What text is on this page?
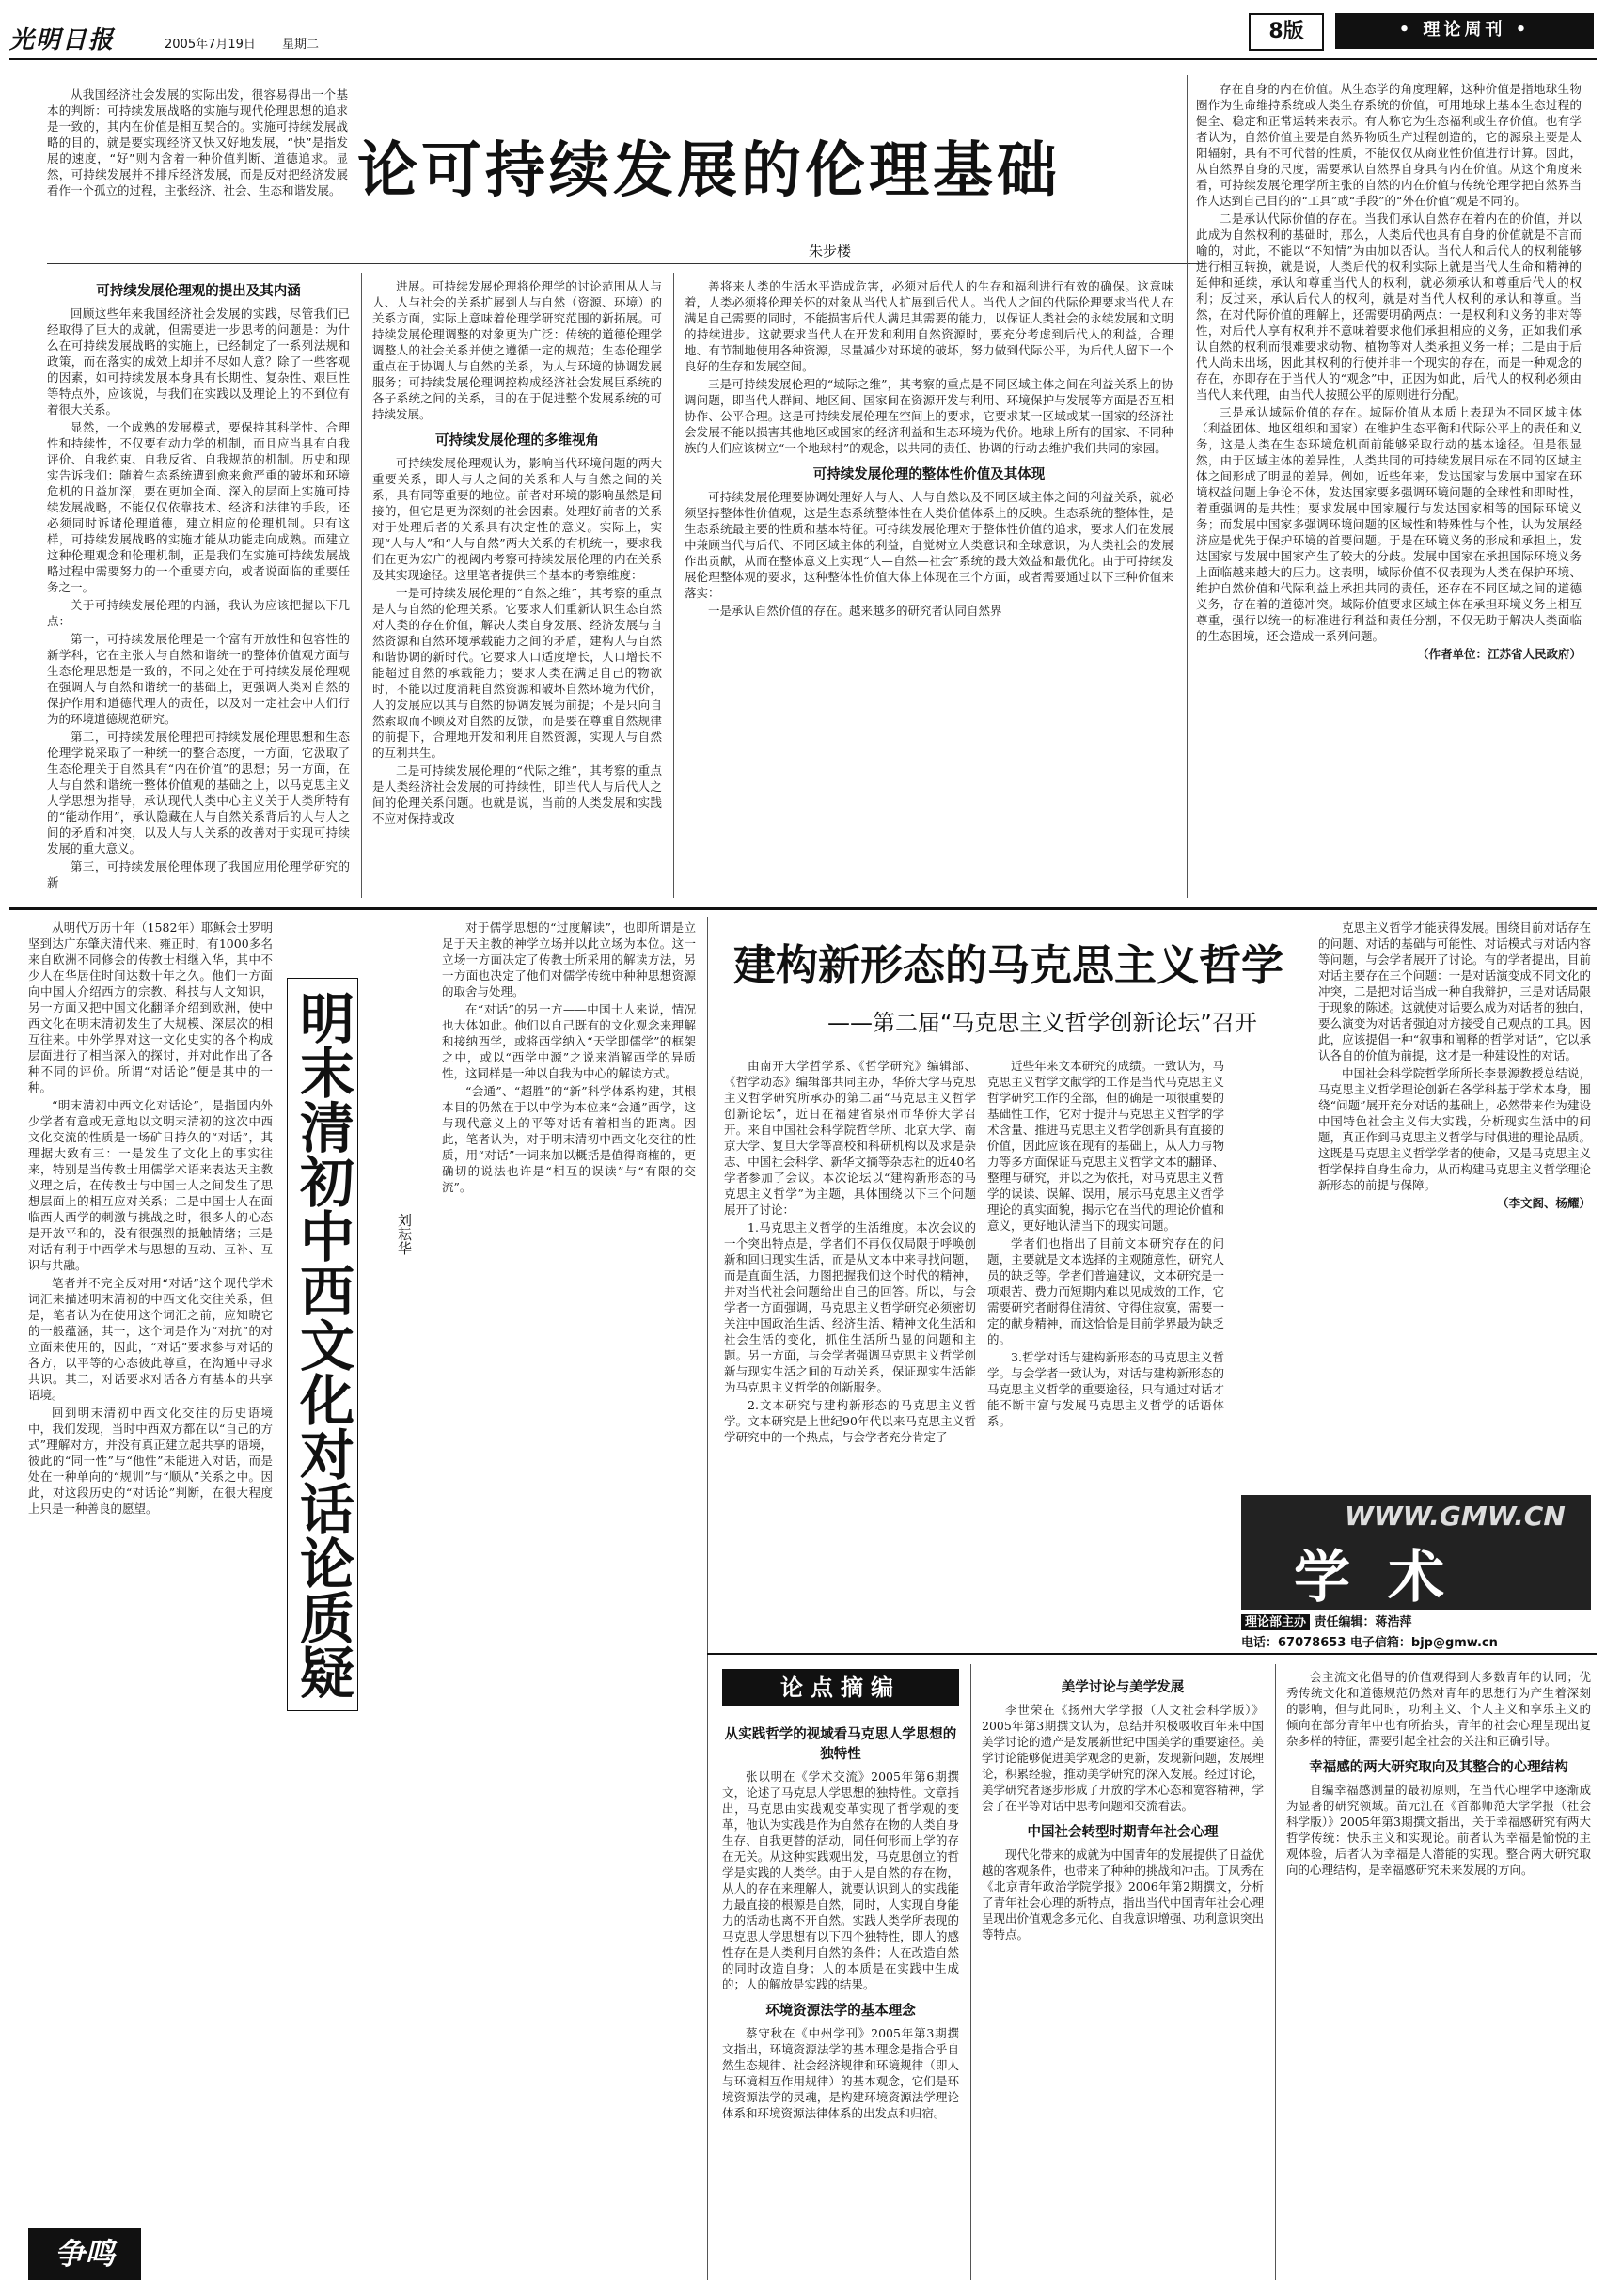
光明日报	2005年7月19日 星期二
8版	• 理论周刊 •
论可持续发展的伦理基础
朱步楼

从我国经济社会发展的实际出发，很容易得出一个基本的判断：可持续发展战略的实施与现代伦理思想的追求是一致的，其内在价值是相互契合的。实施可持续发展战略的目的，就是要实现经济又快又好地发展，“快”是指发展的速度，“好”则内含着一种价值判断、道德追求。显然，可持续发展并不排斥经济发展，而是反对把经济发展看作一个孤立的过程，主张经济、社会、生态和谐发展。

可持续发展伦理观的提出及其内涵

回顾这些年来我国经济社会发展的实践，尽管我们已经取得了巨大的成就，但需要进一步思考的问题是：为什么在可持续发展战略的实施上，已经制定了一系列法规和政策，而在落实的成效上却并不尽如人意？除了一些客观的因素，如可持续发展本身具有长期性、复杂性、艰巨性等特点外，应该说，与我们在实践以及理论上的不到位有着很大关系。

显然，一个成熟的发展模式，要保持其科学性、合理性和持续性，不仅要有动力学的机制，而且应当具有自我评价、自我约束、自我反省、自我规范的机制。历史和现实告诉我们：随着生态系统遭到愈来愈严重的破坏和环境危机的日益加深，要在更加全面、深入的层面上实施可持续发展战略，不能仅仅依靠技术、经济和法律的手段，还必须同时诉诸伦理道德，建立相应的伦理机制。只有这样，可持续发展战略的实施才能从功能走向成熟。而建立这种伦理观念和伦理机制，正是我们在实施可持续发展战略过程中需要努力的一个重要方向，或者说面临的重要任务之一。

关于可持续发展伦理的内涵，我认为应该把握以下几点：

第一，可持续发展伦理是一个富有开放性和包容性的新学科，它在主张人与自然和谐统一的整体价值观方面与生态伦理思想是一致的，不同之处在于可持续发展伦理观在强调人与自然和谐统一的基础上，更强调人类对自然的保护作用和道德代理人的责任，以及对一定社会中人们行为的环境道德规范研究。

第二，可持续发展伦理把可持续发展伦理思想和生态伦理学说采取了一种统一的整合态度，一方面，它汲取了生态伦理关于自然具有“内在价值”的思想；另一方面，在人与自然和谐统一整体价值观的基础之上，以马克思主义人学思想为指导，承认现代人类中心主义关于人类所特有的“能动作用”，承认隐藏在人与自然关系背后的人与人之间的矛盾和冲突，以及人与人关系的改善对于实现可持续发展的重大意义。

第三，可持续发展伦理体现了我国应用伦理学研究的新

进展。可持续发展伦理将伦理学的讨论范围从人与人、人与社会的关系扩展到人与自然（资源、环境）的关系方面，实际上意味着伦理学研究范围的新拓展。可持续发展伦理调整的对象更为广泛：传统的道德伦理学调整人的社会关系并使之遵循一定的规范；生态伦理学重点在于协调人与自然的关系，为人与环境的协调发展服务；可持续发展伦理调控构成经济社会发展巨系统的各子系统之间的关系，目的在于促进整个发展系统的可持续发展。

可持续发展伦理的多维视角

可持续发展伦理观认为，影响当代环境问题的两大重要关系，即人与人之间的关系和人与自然之间的关系，具有同等重要的地位。前者对环境的影响虽然是间接的，但它是更为深刻的社会因素。处理好前者的关系对于处理后者的关系具有决定性的意义。实际上，实现“人与人”和“人与自然”两大关系的有机统一，要求我们在更为宏广的视阈内考察可持续发展伦理的内在关系及其实现途径。这里笔者提供三个基本的考察维度：

一是可持续发展伦理的“自然之维”，其考察的重点是人与自然的伦理关系。它要求人们重新认识生态自然对人类的存在价值，解决人类自身发展、经济发展与自然资源和自然环境承载能力之间的矛盾，建构人与自然和谐协调的新时代。它要求人口适度增长，人口增长不能超过自然的承载能力；要求人类在满足自己的物欲时，不能以过度消耗自然资源和破坏自然环境为代价，人的发展应以其与自然的协调发展为前提；不是只向自然索取而不顾及对自然的反馈，而是要在尊重自然规律的前提下，合理地开发和利用自然资源，实现人与自然的互利共生。

二是可持续发展伦理的“代际之维”，其考察的重点是人类经济社会发展的可持续性，即当代人与后代人之间的伦理关系问题。也就是说，当前的人类发展和实践不应对保持或改

善将来人类的生活水平造成危害，必须对后代人的生存和福利进行有效的确保。这意味着，人类必须将伦理关怀的对象从当代人扩展到后代人。当代人之间的代际伦理要求当代人在满足自己需要的同时，不能损害后代人满足其需要的能力，以保证人类社会的永续发展和文明的持续进步。这就要求当代人在开发和利用自然资源时，要充分考虑到后代人的利益，合理地、有节制地使用各种资源，尽量减少对环境的破坏，努力做到代际公平，为后代人留下一个良好的生存和发展空间。

三是可持续发展伦理的“域际之维”，其考察的重点是不同区域主体之间在利益关系上的协调问题，即当代人群间、地区间、国家间在资源开发与利用、环境保护与发展等方面是否互相协作、公平合理。这是可持续发展伦理在空间上的要求，它要求某一区域或某一国家的经济社会发展不能以损害其他地区或国家的经济利益和生态环境为代价。地球上所有的国家、不同种族的人们应该树立“一个地球村”的观念，以共同的责任、协调的行动去维护我们共同的家园。

可持续发展伦理的整体性价值及其体现

可持续发展伦理要协调处理好人与人、人与自然以及不同区域主体之间的利益关系，就必须坚持整体性价值观，这是生态系统整体性在人类价值体系上的反映。生态系统的整体性，是生态系统最主要的性质和基本特征。可持续发展伦理对于整体性价值的追求，要求人们在发展中兼顾当代与后代、不同区域主体的利益，自觉树立人类意识和全球意识，为人类社会的发展作出贡献，从而在整体意义上实现“人—自然—社会”系统的最大效益和最优化。由于可持续发展伦理整体观的要求，这种整体性价值大体上体现在三个方面，或者需要通过以下三种价值来落实：

一是承认自然价值的存在。越来越多的研究者认同自然界

存在自身的内在价值。从生态学的角度理解，这种价值是指地球生物圈作为生命维持系统或人类生存系统的价值，可用地球上基本生态过程的健全、稳定和正常运转来表示。有人称它为生态福利或生存价值。也有学者认为，自然价值主要是自然界物质生产过程创造的，它的源泉主要是太阳辐射，具有不可代替的性质，不能仅仅从商业性价值进行计算。因此，从自然界自身的尺度，需要承认自然界自身具有内在价值。从这个角度来看，可持续发展伦理学所主张的自然的内在价值与传统伦理学把自然界当作人达到自己目的的“工具”或“手段”的“外在价值”观是不同的。

二是承认代际价值的存在。当我们承认自然存在着内在的价值，并以此成为自然权利的基础时，那么，人类后代也具有自身的价值就是不言而喻的，对此，不能以“不知情”为由加以否认。当代人和后代人的权利能够进行相互转换，就是说，人类后代的权利实际上就是当代人生命和精神的延伸和延续，承认和尊重当代人的权利，就必须承认和尊重后代人的权利；反过来，承认后代人的权利，就是对当代人权利的承认和尊重。当然，在对代际价值的理解上，还需要明确两点：一是权利和义务的非对等性，对后代人享有权利并不意味着要求他们承担相应的义务，正如我们承认自然的权利而很难要求动物、植物等对人类承担义务一样；二是由于后代人尚未出场，因此其权利的行使并非一个现实的存在，而是一种观念的存在，亦即存在于当代人的“观念”中，正因为如此，后代人的权利必须由当代人来代理，由当代人按照公平的原则进行分配。

三是承认域际价值的存在。域际价值从本质上表现为不同区域主体（利益团体、地区组织和国家）在维护生态平衡和代际公平上的责任和义务，这是人类在生态环境危机面前能够采取行动的基本途径。但是很显然，由于区域主体的差异性，人类共同的可持续发展目标在不同的区域主体之间形成了明显的差异。例如，近些年来，发达国家与发展中国家在环境权益问题上争论不休，发达国家要多强调环境问题的全球性和即时性，着重强调的是共性；要求发展中国家履行与发达国家相等的国际环境义务；而发展中国家多强调环境问题的区域性和特殊性与个性，认为发展经济应是优先于保护环境的首要问题。于是在环境义务的形成和承担上，发达国家与发展中国家产生了较大的分歧。发展中国家在承担国际环境义务上面临越来越大的压力。这表明，域际价值不仅表现为人类在保护环境、维护自然价值和代际利益上承担共同的责任，还存在不同区域之间的道德义务，存在着的道德冲突。域际价值要求区域主体在承担环境义务上相互尊重，强行以统一的标准进行利益和责任分割，不仅无助于解决人类面临的生态困境，还会造成一系列问题。

（作者单位：江苏省人民政府）

从明代万历十年（1582年）耶稣会士罗明坚到达广东肇庆清代来、雍正时，有1000多名来自欧洲不同修会的传教士相继入华，其中不少人在华居住时间达数十年之久。他们一方面向中国人介绍西方的宗教、科技与人文知识，另一方面又把中国文化翻译介绍到欧洲，使中西文化在明末清初发生了大规模、深层次的相互往来。中外学界对这一文化史实的各个构成层面进行了相当深入的探讨，并对此作出了各种不同的评价。所谓“对话论”便是其中的一种。

“明末清初中西文化对话论”，是指国内外少学者有意或无意地以文明末清初的这次中西文化交流的性质是一场矿日持久的“对话”，其理据大致有三：一是发生了文化上的事实往来，特别是当传教士用儒学术语来表达天主教义理之后，在传教士与中国士人之间发生了思想层面上的相互应对关系；二是中国士人在面临西人西学的刺激与挑战之时，很多人的心态是开放平和的，没有很强烈的抵触情绪；三是对话有利于中西学术与思想的互动、互补、互识与共融。

笔者并不完全反对用“对话”这个现代学术词汇来描述明末清初的中西文化交往关系，但是，笔者认为在使用这个词汇之前，应知晓它的一般蕴涵，其一，这个词是作为“对抗”的对立面来使用的，因此，“对话”要求参与对话的各方，以平等的心态彼此尊重，在沟通中寻求共识。其二，对话要求对话各方有基本的共享语境。

回到明末清初中西文化交往的历史语境中，我们发现，当时中西双方都在以“自己的方式”理解对方，并没有真正建立起共享的语境，彼此的“同一性”与“他性”未能进入对话，而是处在一种单向的“规训”与“顺从”关系之中。因此，对这段历史的“对话论”判断，在很大程度上只是一种善良的愿望。	明末清初中西文化对话论质疑	刘耘华

对于儒学思想的“过度解读”，也即所谓是立足于天主教的神学立场并以此立场为本位。这一立场一方面决定了传教士所采用的解读方法，另一方面也决定了他们对儒学传统中种种思想资源的取舍与处理。

在“对话”的另一方——中国士人来说，情况也大体如此。他们以自己既有的文化观念来理解和接纳西学，或将西学纳入“天学即儒学”的框架之中，或以“西学中源”之说来消解西学的异质性，这同样是一种以自我为中心的解读方式。

“会通”、“超胜”的“新”科学体系构建，其根本目的仍然在于以中学为本位来“会通”西学，这与现代意义上的平等对话有着相当的距离。因此，笔者认为，对于明末清初中西文化交往的性质，用“对话”一词来加以概括是值得商榷的，更确切的说法也许是“相互的误读”与“有限的交流”。

争鸣
建构新形态的马克思主义哲学
——第二届“马克思主义哲学创新论坛”召开

由南开大学哲学系、《哲学研究》编辑部、《哲学动态》编辑部共同主办，华侨大学马克思主义哲学研究所承办的第二届“马克思主义哲学创新论坛”，近日在福建省泉州市华侨大学召开。来自中国社会科学院哲学所、北京大学、南京大学、复旦大学等高校和科研机构以及求是杂志、中国社会科学、新华文摘等杂志社的近40名学者参加了会议。本次论坛以“建构新形态的马克思主义哲学”为主题，具体围绕以下三个问题展开了讨论：

1.马克思主义哲学的生活维度。本次会议的一个突出特点是，学者们不再仅仅局限于呼唤创新和回归现实生活，而是从文本中来寻找问题，而是直面生活，力图把握我们这个时代的精神，并对当代社会问题给出自己的回答。所以，与会学者一方面强调，马克思主义哲学研究必须密切关注中国政治生活、经济生活、精神文化生活和社会生活的变化，抓住生活所凸显的问题和主题。另一方面，与会学者强调马克思主义哲学创新与现实生活之间的互动关系，保证现实生活能为马克思主义哲学的创新服务。

2.文本研究与建构新形态的马克思主义哲学。文本研究是上世纪90年代以来马克思主义哲学研究中的一个热点，与会学者充分肯定了

近些年来文本研究的成绩。一致认为，马克思主义哲学文献学的工作是当代马克思主义哲学研究工作的全部，但的确是一项很重要的基础性工作，它对于提升马克思主义哲学的学术含量、推进马克思主义哲学创新具有直接的价值，因此应该在现有的基础上，从人力与物力等多方面保证马克思主义哲学文本的翻译、整理与研究，并以之为依托，对马克思主义哲学的误读、误解、误用，展示马克思主义哲学理论的真实面貌，揭示它在当代的理论价值和意义，更好地认清当下的现实问题。

学者们也指出了目前文本研究存在的问题，主要就是文本选择的主观随意性，研究人员的缺乏等。学者们普遍建议，文本研究是一项艰苦、费力而短期内难以见成效的工作，它需要研究者耐得住清贫、守得住寂寞，需要一定的献身精神，而这恰恰是目前学界最为缺乏的。

3.哲学对话与建构新形态的马克思主义哲学。与会学者一致认为，对话与建构新形态的马克思主义哲学的重要途径，只有通过对话才能不断丰富与发展马克思主义哲学的话语体系。

克思主义哲学才能获得发展。围绕目前对话存在的问题、对话的基础与可能性、对话模式与对话内容等问题，与会学者展开了讨论。有的学者提出，目前对话主要存在三个问题：一是对话演变成不同文化的冲突，二是把对话当成一种自我辩护，三是对话局限于现象的陈述。这就使对话要么成为对话者的独白，要么演变为对话者强迫对方接受自己观点的工具。因此，应该提倡一种“叙事和阐释的哲学对话”，它以承认各自的价值为前提，这才是一种建设性的对话。

中国社会科学院哲学所所长李景源教授总结说，马克思主义哲学理论创新在各学科基于学术本身，围绕“问题”展开充分对话的基础上，必然带来作为建设中国特色社会主义伟大实践，分析现实生活中的问题，真正作到马克思主义哲学与时俱进的理论品质。这既是马克思主义哲学学者的使命，又是马克思主义哲学保持自身生命力，从而构建马克思主义哲学理论新形态的前提与保障。

（李文阁、杨耀）
WWW.GMW.CN
学术
理论部主办 责任编辑：蒋浩萍
电话：67078653 电子信箱：bjp@gmw.cn
论点摘编
从实践哲学的视域看马克思人学思想的独特性

张以明在《学术交流》2005年第6期撰文，论述了马克思人学思想的独特性。文章指出，马克思由实践观变革实现了哲学观的变革，他认为实践是作为自然存在物的人类自身生存、自我更替的活动，同任何形而上学的存在无关。从这种实践观出发，马克思创立的哲学是实践的人类学。由于人是自然的存在物，从人的存在来理解人，就要认识到人的实践能力最直接的根源是自然，同时，人实现自身能力的活动也离不开自然。实践人类学所表现的马克思人学思想有以下四个独特性，即人的感性存在是人类利用自然的条件；人在改造自然的同时改造自身；人的本质是在实践中生成的；人的解放是实践的结果。

环境资源法学的基本理念

蔡守秋在《中州学刊》2005年第3期撰文指出，环境资源法学的基本理念是指合乎自然生态规律、社会经济规律和环境规律（即人与环境相互作用规律）的基本观念，它们是环境资源法学的灵魂，是构建环境资源法学理论体系和环境资源法律体系的出发点和归宿。

美学讨论与美学发展

李世荣在《扬州大学学报（人文社会科学版）》2005年第3期撰文认为，总结并积极吸收百年来中国美学讨论的遗产是发展新世纪中国美学的重要途径。美学讨论能够促进美学观念的更新，发现新问题，发展理论，积累经验，推动美学研究的深入发展。经过讨论，美学研究者逐步形成了开放的学术心态和宽容精神，学会了在平等对话中思考问题和交流看法。

中国社会转型时期青年社会心理

现代化带来的成就为中国青年的发展提供了日益优越的客观条件，也带来了种种的挑战和冲击。丁凤秀在《北京青年政治学院学报》2006年第2期撰文，分析了青年社会心理的新特点，指出当代中国青年社会心理呈现出价值观念多元化、自我意识增强、功利意识突出等特点。

会主流文化倡导的价值观得到大多数青年的认同；优秀传统文化和道德规范仍然对青年的思想行为产生着深刻的影响，但与此同时，功利主义、个人主义和享乐主义的倾向在部分青年中也有所抬头，青年的社会心理呈现出复杂多样的特征，需要引起全社会的关注和正确引导。

幸福感的两大研究取向及其整合的心理结构

自编幸福感测量的最初原则，在当代心理学中逐渐成为显著的研究领域。苗元江在《首都师范大学学报（社会科学版）》2005年第3期撰文指出，关于幸福感研究有两大哲学传统：快乐主义和实现论。前者认为幸福是愉悦的主观体验，后者认为幸福是人潜能的实现。整合两大研究取向的心理结构，是幸福感研究未来发展的方向。
